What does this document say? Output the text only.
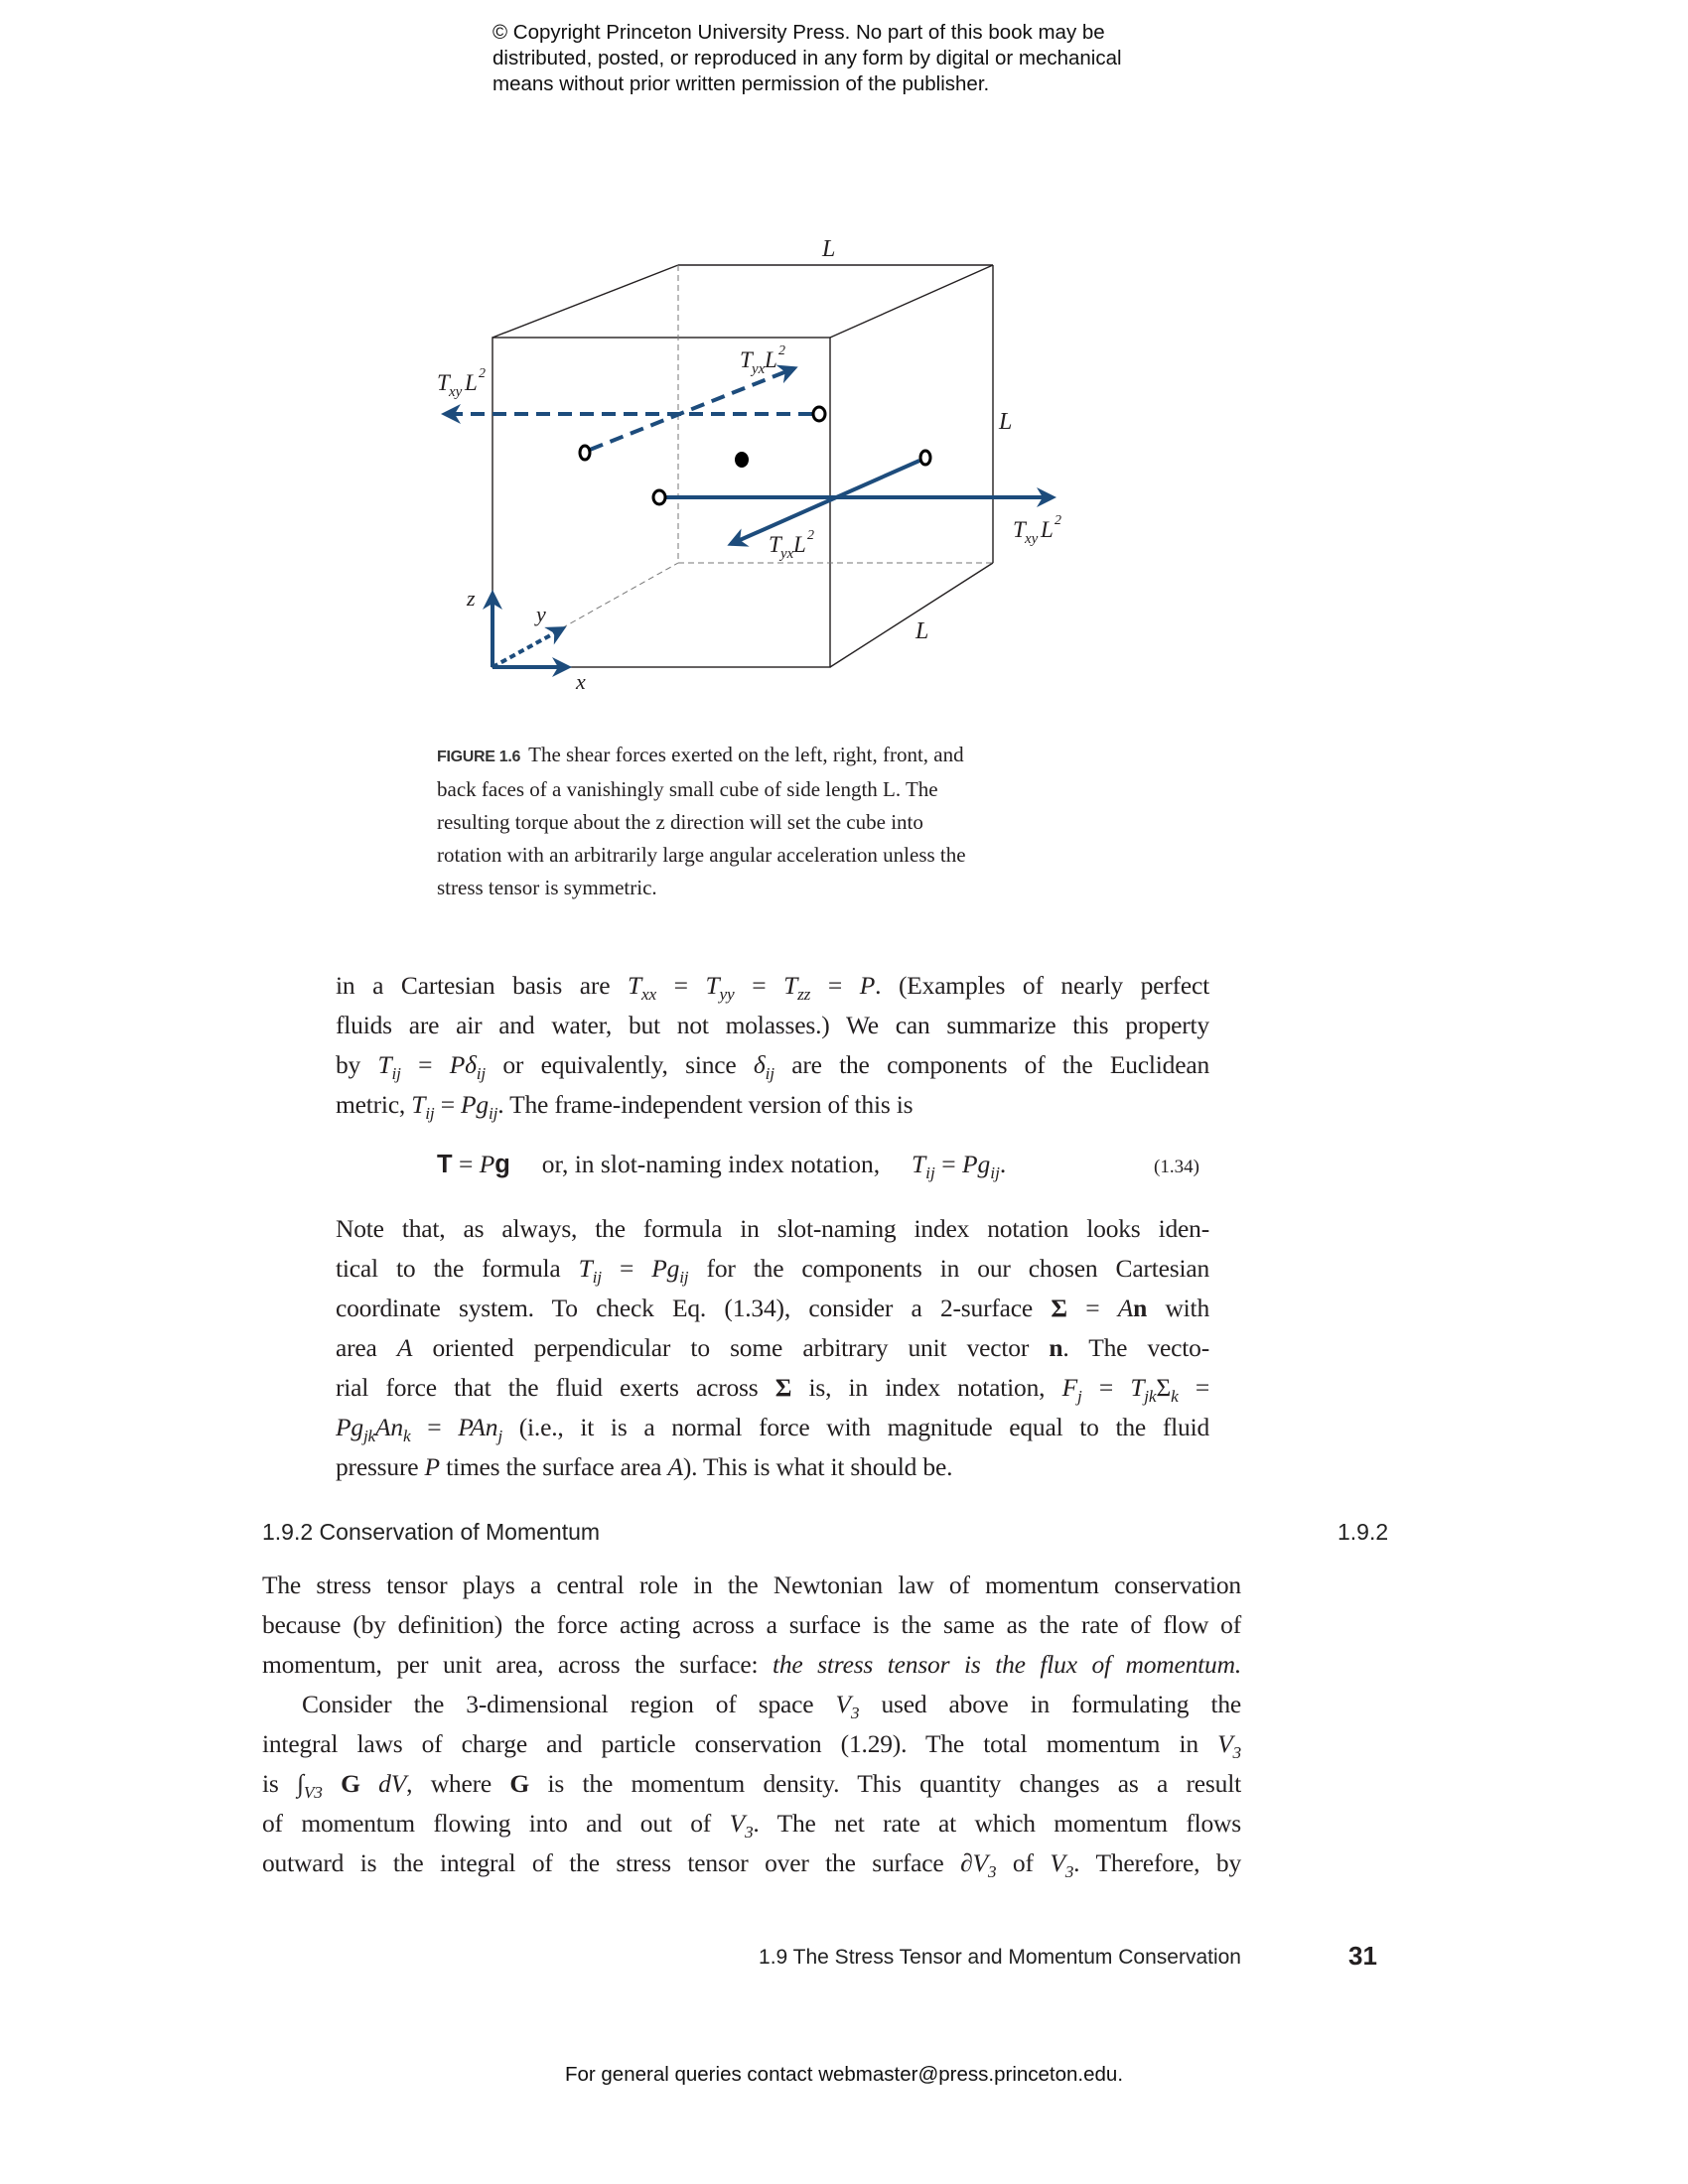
© Copyright Princeton University Press. No part of this book may be
distributed, posted, or reproduced in any form by digital or mechanical
means without prior written permission of the publisher.
L
L
L
T xy L 2
T yx L 2
T yx L 2	T xy L 2
z
y
x
FIGURE 1.6 The shear forces exerted on the left, right, front, and
back faces of a vanishingly small cube of side length L. The
resulting torque about the z direction will set the cube into
rotation with an arbitrarily large angular acceleration unless the
stress tensor is symmetric.
in a Cartesian basis are $T_{xx} = T_{yy} = T_{zz} = P$. (Examples of nearly perfect
fluids are air and water, but not molasses.) We can summarize this property
by $T_{ij} = P\delta_{ij}$ or equivalently, since $\delta_{ij}$ are the components of the Euclidean
metric, $T_{ij} = Pg_{ij}$. The frame-independent version of this is
T = Pg  or, in slot-naming index notation,  $T_{ij} = Pg_{ij}$.	(1.34)
Note that, as always, the formula in slot-naming index notation looks iden-
tical to the formula $T_{ij} = Pg_{ij}$ for the components in our chosen Cartesian
coordinate system. To check Eq. (1.34), consider a 2-surface Σ = An with
area A oriented perpendicular to some arbitrary unit vector n. The vecto-
rial force that the fluid exerts across Σ is, in index notation, $F_j = T_{jk}\Sigma_k$ =
$Pg_{jk}An_k = PAn_j$ (i.e., it is a normal force with magnitude equal to the fluid
pressure P times the surface area A). This is what it should be.
1.9.2 Conservation of Momentum	1.9.2
The stress tensor plays a central role in the Newtonian law of momentum conservation
because (by definition) the force acting across a surface is the same as the rate of flow of
momentum, per unit area, across the surface: the stress tensor is the flux of momentum.
Consider the 3-dimensional region of space $V_3$ used above in formulating the
integral laws of charge and particle conservation (1.29). The total momentum in $V_3$
is $\int_{V3}$ G dV, where G is the momentum density. This quantity changes as a result
of momentum flowing into and out of $V_3$. The net rate at which momentum flows
outward is the integral of the stress tensor over the surface $\partial V_3$ of $V_3$. Therefore, by
1.9 The Stress Tensor and Momentum Conservation	31
For general queries contact webmaster@press.princeton.edu.
